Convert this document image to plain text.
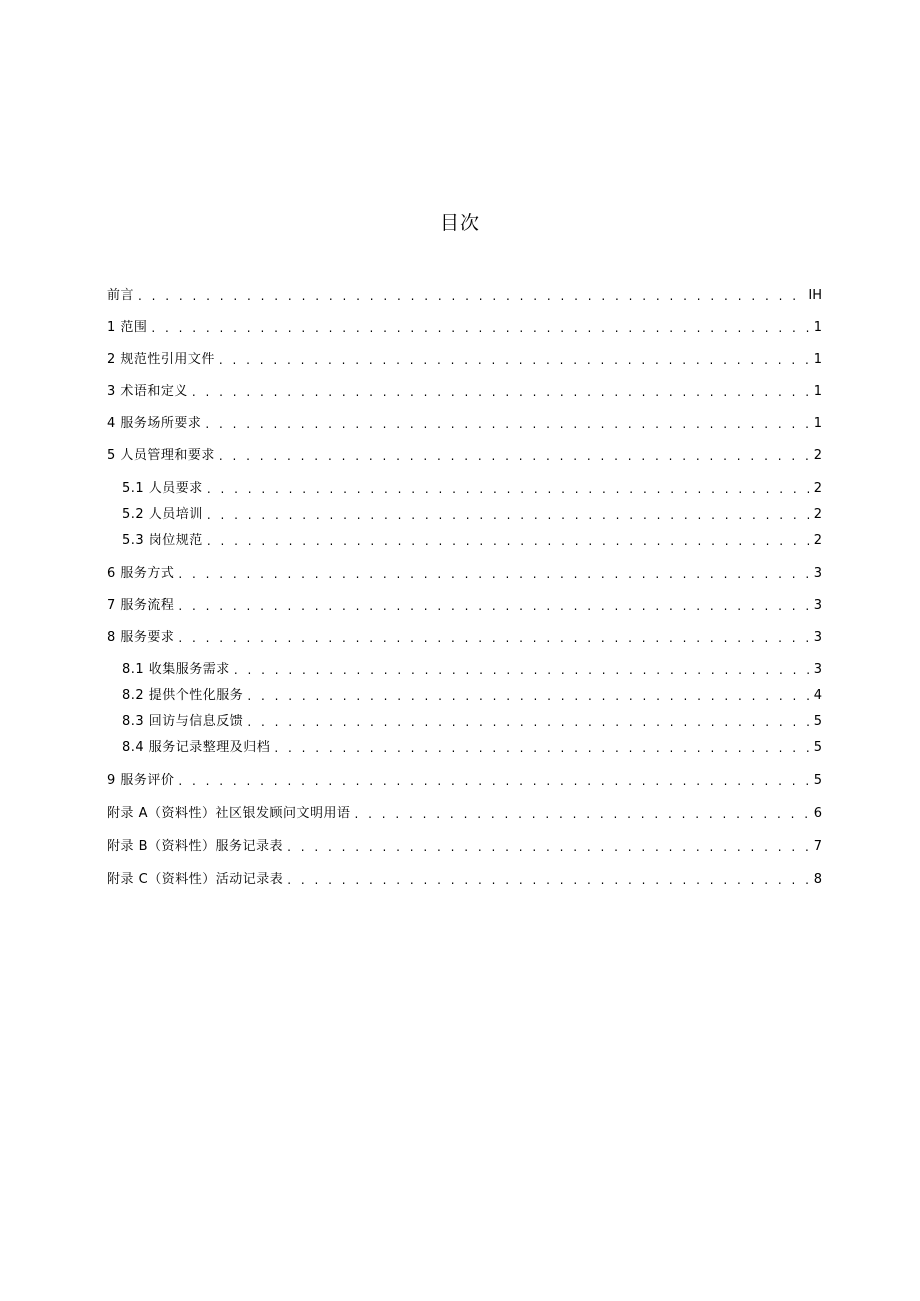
目次
前言 . . .	IH
1 范围 . . .	1
2 规范性引用文件 . . .	1
3 术语和定义 . . .	1
4 服务场所要求 . . .	1
5 人员管理和要求 . . .	2
5.1 人员要求 . . .	2
5.2 人员培训 . . .	2
5.3 岗位规范 . . .	2
6 服务方式 . . .	3
7 服务流程 . . .	3
8 服务要求 . . .	3
8.1 收集服务需求 . . .	3
8.2 提供个性化服务 . . .	4
8.3 回访与信息反馈 . . .	5
8.4 服务记录整理及归档 . . .	5
9 服务评价 . . .	5
附录 A（资料性）社区银发顾问文明用语 . . .	6
附录 B（资料性）服务记录表 . . .	7
附录 C（资料性）活动记录表 . . .	8
